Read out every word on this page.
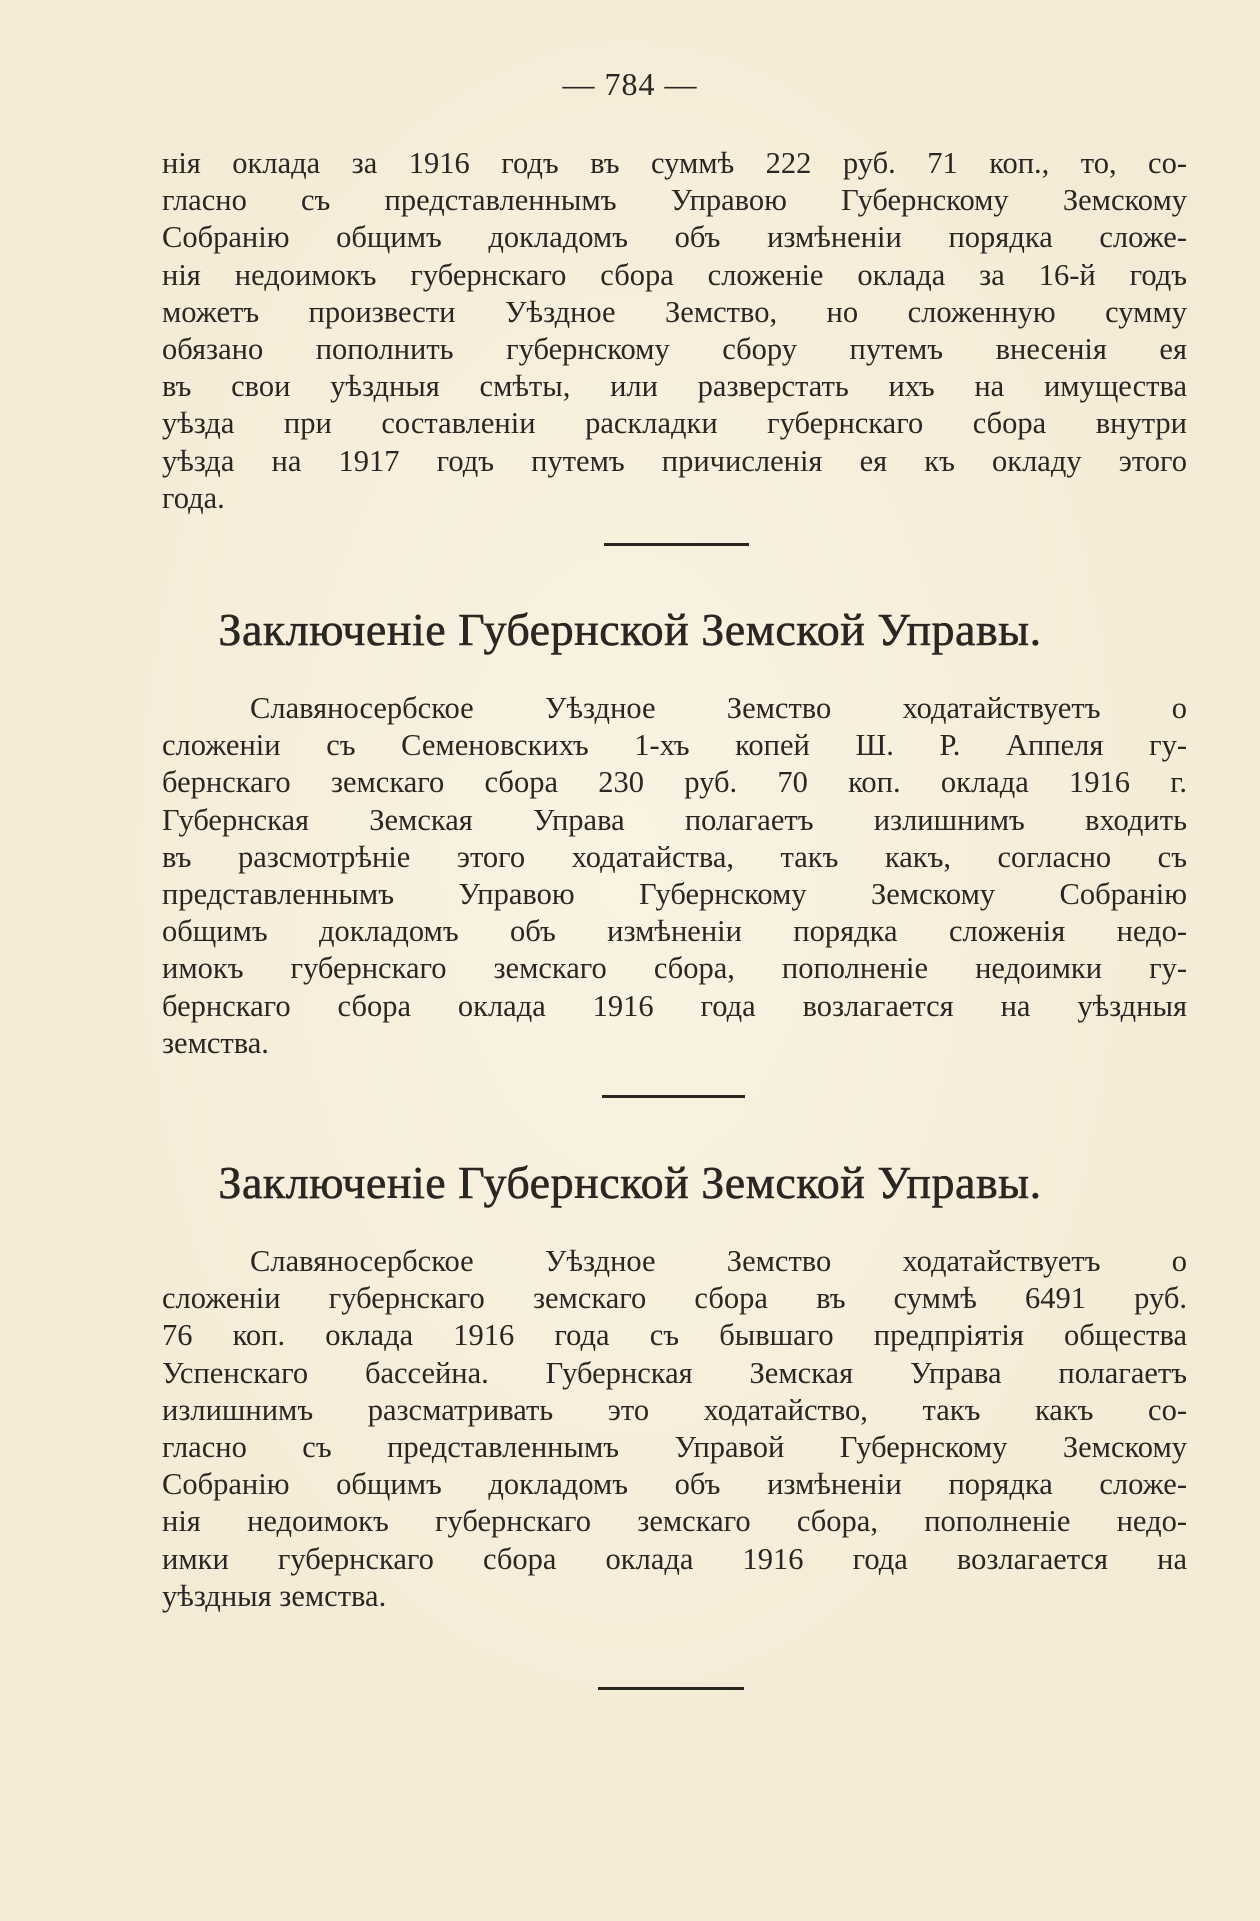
— 784 —
нія оклада за 1916 годъ въ суммѣ 222 руб. 71 коп., то, со-
гласно съ представленнымъ Управою Губернскому Земскому
Собранію общимъ докладомъ объ измѣненіи порядка сложе-
нія недоимокъ губернскаго сбора сложеніе оклада за 16-й годъ
можетъ произвести Уѣздное Земство, но сложенную сумму
обязано пополнить губернскому сбору путемъ внесенія ея
въ свои уѣздныя смѣты, или разверстать ихъ на имущества
уѣзда при составленіи раскладки губернскаго сбора внутри
уѣзда на 1917 годъ путемъ причисленія ея къ окладу этого
года.
Заключеніе Губернской Земской Управы.
Славяносербское Уѣздное Земство ходатайствуетъ о
сложеніи съ Семеновскихъ 1-хъ копей Ш. Р. Аппеля гу-
бернскаго земскаго сбора 230 руб. 70 коп. оклада 1916 г.
Губернская Земская Управа полагаетъ излишнимъ входить
въ разсмотрѣніе этого ходатайства, такъ какъ, согласно съ
представленнымъ Управою Губернскому Земскому Собранію
общимъ докладомъ объ измѣненіи порядка сложенія недо-
имокъ губернскаго земскаго сбора, пополненіе недоимки гу-
бернскаго сбора оклада 1916 года возлагается на уѣздныя
земства.
Заключеніе Губернской Земской Управы.
Славяносербское Уѣздное Земство ходатайствуетъ о
сложеніи губернскаго земскаго сбора въ суммѣ 6491 руб.
76 коп. оклада 1916 года съ бывшаго предпріятія общества
Успенскаго бассейна. Губернская Земская Управа полагаетъ
излишнимъ разсматривать это ходатайство, такъ какъ со-
гласно съ представленнымъ Управой Губернскому Земскому
Собранію общимъ докладомъ объ измѣненіи порядка сложе-
нія недоимокъ губернскаго земскаго сбора, пополненіе недо-
имки губернскаго сбора оклада 1916 года возлагается на
уѣздныя земства.
